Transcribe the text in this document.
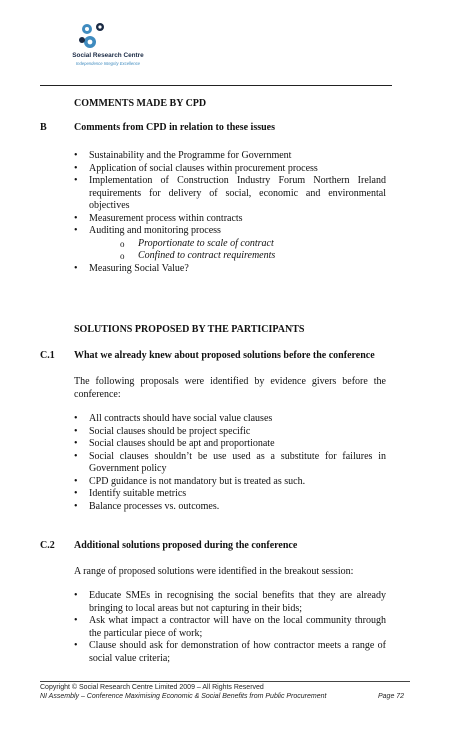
Social Research Centre
Independence Integrity Excellence
COMMENTS MADE BY CPD
B	Comments from CPD in relation to these issues
• Sustainability and the Programme for Government
• Application of social clauses within procurement process
• Implementation of Construction Industry Forum Northern Ireland requirements for delivery of social, economic and environmental objectives
• Measurement process within contracts
• Auditing and monitoring process
o Proportionate to scale of contract
o Confined to contract requirements
• Measuring Social Value?
SOLUTIONS PROPOSED BY THE PARTICIPANTS
C.1 What we already knew about proposed solutions before the conference
The following proposals were identified by evidence givers before the conference:
• All contracts should have social value clauses
• Social clauses should be project specific
• Social clauses should be apt and proportionate
• Social clauses shouldn’t be use used as a substitute for failures in Government policy
• CPD guidance is not mandatory but is treated as such.
• Identify suitable metrics
• Balance processes vs. outcomes.
C.2 Additional solutions proposed during the conference
A range of proposed solutions were identified in the breakout session:
• Educate SMEs in recognising the social benefits that they are already bringing to local areas but not capturing in their bids;
• Ask what impact a contractor will have on the local community through the particular piece of work;
• Clause should ask for demonstration of how contractor meets a range of social value criteria;
Copyright © Social Research Centre Limited 2009 – All Rights Reserved
NI Assembly – Conference Maximising Economic & Social Benefits from Public Procurement	Page 72
